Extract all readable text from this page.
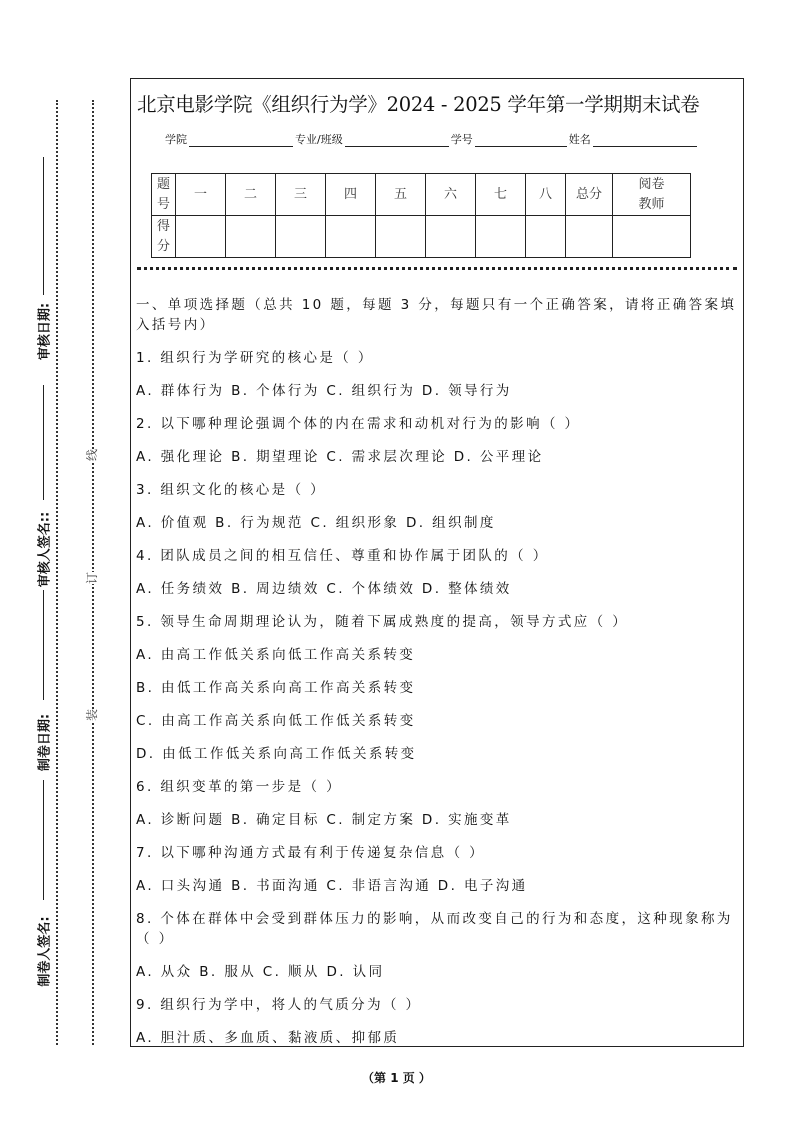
审核日期:
审核人签名::
制卷日期:
制卷人签名:
线
订
装
北京电影学院《组织行为学》2024 - 2025 学年第一学期期末试卷
学院	专业/班级	学号	姓名
题号	一	二	三	四	五	六	七	八	总分	阅卷教师
得分										
一、单项选择题（总共 10 题，每题 3 分，每题只有一个正确答案，请将正确答案填
入括号内）
1. 组织行为学研究的核心是（ ）
A. 群体行为 B. 个体行为 C. 组织行为 D. 领导行为
2. 以下哪种理论强调个体的内在需求和动机对行为的影响（ ）
A. 强化理论 B. 期望理论 C. 需求层次理论 D. 公平理论
3. 组织文化的核心是（ ）
A. 价值观 B. 行为规范 C. 组织形象 D. 组织制度
4. 团队成员之间的相互信任、尊重和协作属于团队的（ ）
A. 任务绩效 B. 周边绩效 C. 个体绩效 D. 整体绩效
5. 领导生命周期理论认为，随着下属成熟度的提高，领导方式应（ ）
A. 由高工作低关系向低工作高关系转变
B. 由低工作高关系向高工作高关系转变
C. 由高工作高关系向低工作低关系转变
D. 由低工作低关系向高工作低关系转变
6. 组织变革的第一步是（ ）
A. 诊断问题 B. 确定目标 C. 制定方案 D. 实施变革
7. 以下哪种沟通方式最有利于传递复杂信息（ ）
A. 口头沟通 B. 书面沟通 C. 非语言沟通 D. 电子沟通
8. 个体在群体中会受到群体压力的影响，从而改变自己的行为和态度，这种现象称为
（ ）
A. 从众 B. 服从 C. 顺从 D. 认同
9. 组织行为学中，将人的气质分为（ ）
A. 胆汁质、多血质、黏液质、抑郁质
（第 1 页 ）
